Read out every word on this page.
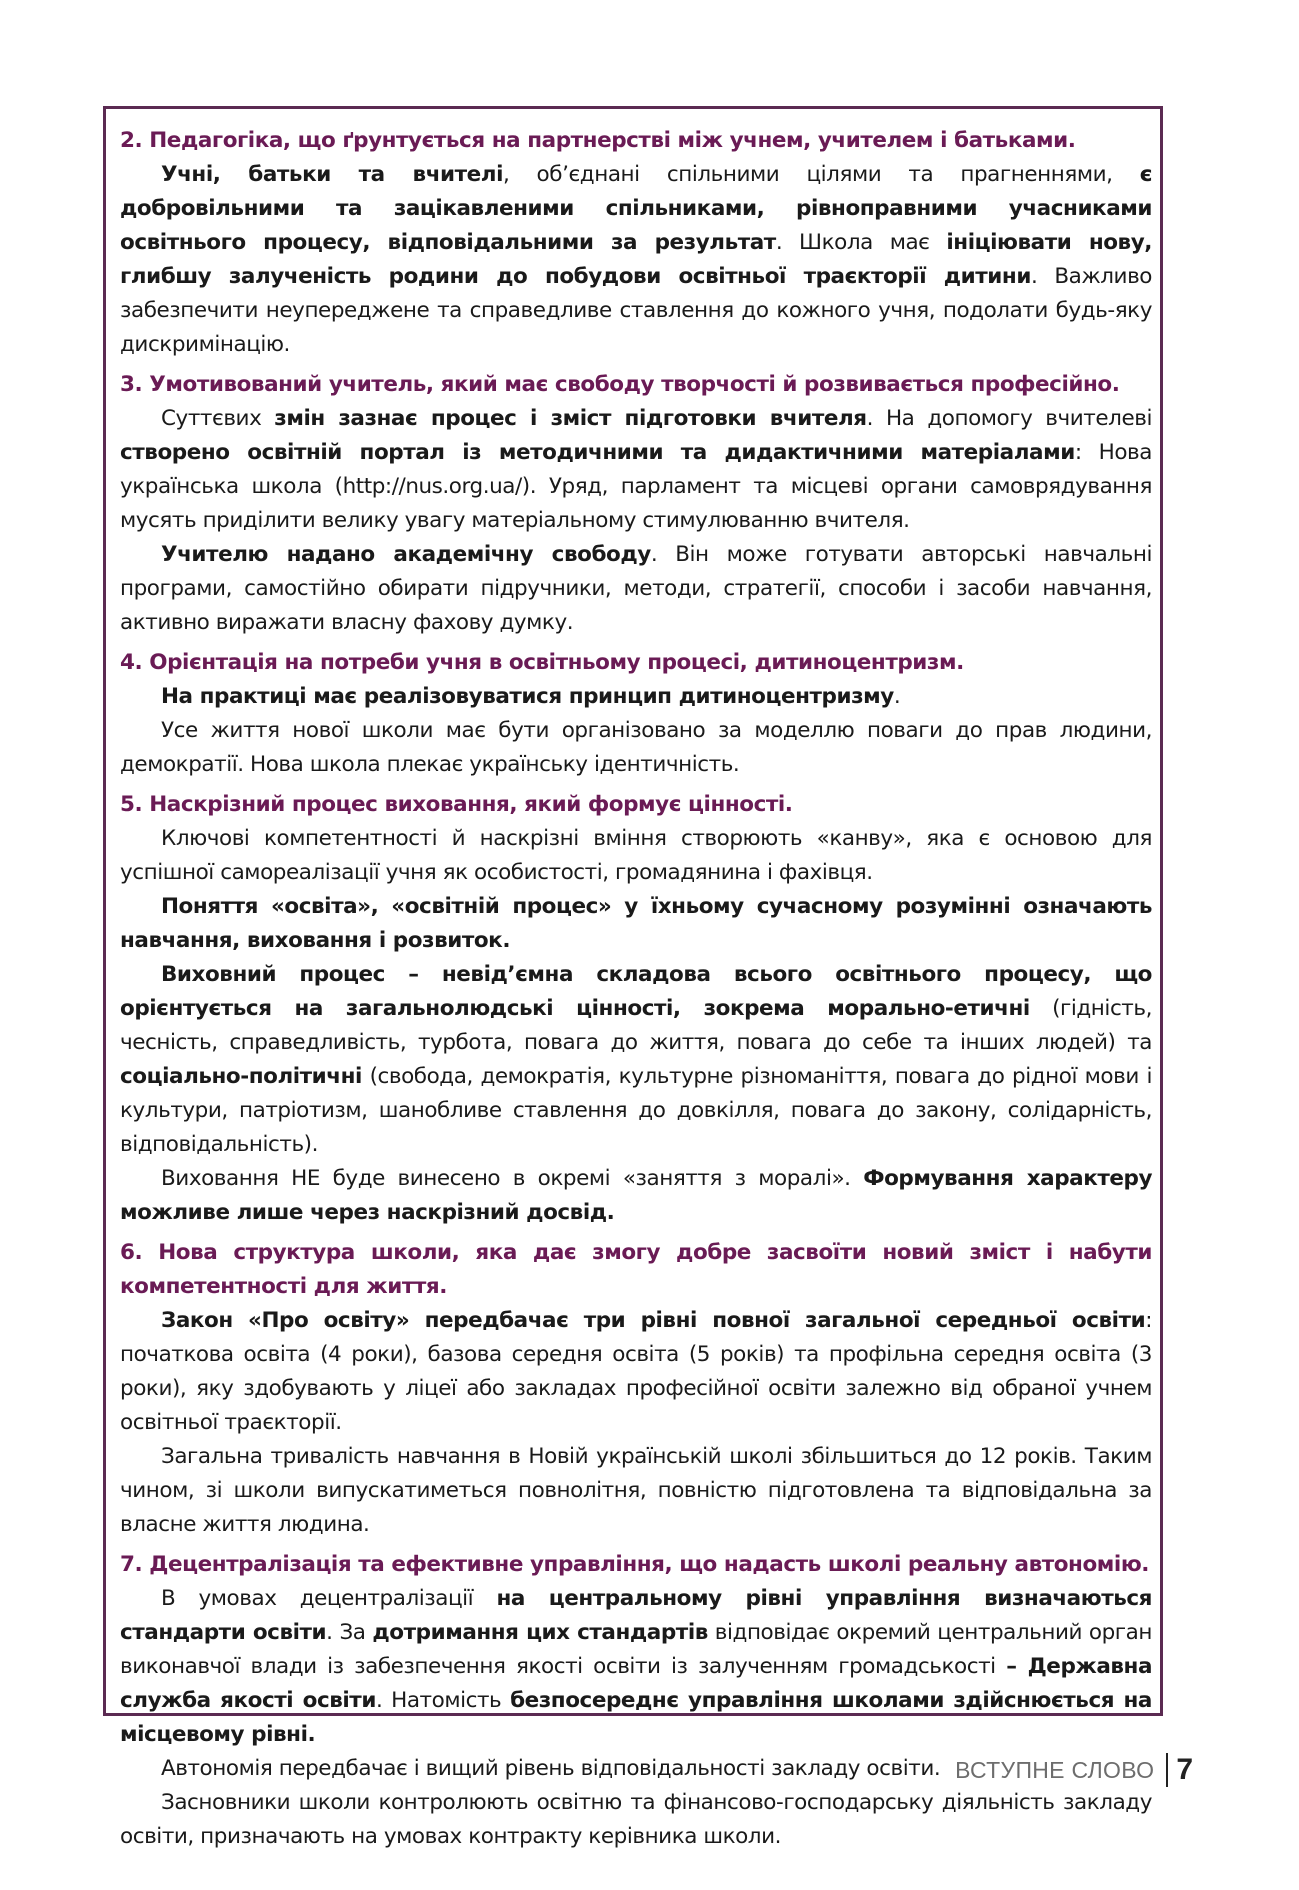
2. Педагогіка, що ґрунтується на партнерстві між учнем, учителем і батьками.

Учні, батьки та вчителі, об’єднані спільними цілями та прагненнями, є добровільними та зацікавленими спільниками, рівноправними учасниками освітнього процесу, відповідальними за результат. Школа має ініціювати нову, глибшу залученість родини до побудови освітньої траєкторії дитини. Важливо забезпечити неупереджене та справедливе ставлення до кожного учня, подолати будь-яку дискримінацію.

3. Умотивований учитель, який має свободу творчості й розвивається професійно.

Суттєвих змін зазнає процес і зміст підготовки вчителя. На допомогу вчителеві створено освітній портал із методичними та дидактичними матеріалами: Нова українська школа (http://nus.org.ua/). Уряд, парламент та місцеві органи самоврядування мусять приділити велику увагу матеріальному стимулюванню вчителя.

Учителю надано академічну свободу. Він може готувати авторські навчальні програми, самостійно обирати підручники, методи, стратегії, способи і засоби навчання, активно виражати власну фахову думку.

4. Орієнтація на потреби учня в освітньому процесі, дитиноцентризм.

На практиці має реалізовуватися принцип дитиноцентризму.

Усе життя нової школи має бути організовано за моделлю поваги до прав людини, демократії. Нова школа плекає українську ідентичність.

5. Наскрізний процес виховання, який формує цінності.

Ключові компетентності й наскрізні вміння створюють «канву», яка є основою для успішної самореалізації учня як особистості, громадянина і фахівця.

Поняття «освіта», «освітній процес» у їхньому сучасному розумінні означають навчання, виховання і розвиток.

Виховний процес – невід’ємна складова всього освітнього процесу, що орієнтується на загальнолюдські цінності, зокрема морально-етичні (гідність, чесність, справедливість, турбота, повага до життя, повага до себе та інших людей) та соціально-політичні (свобода, демократія, культурне різноманіття, повага до рідної мови і культури, патріотизм, шанобливе ставлення до довкілля, повага до закону, солідарність, відповідальність).

Виховання НЕ буде винесено в окремі «заняття з моралі». Формування характеру можливе лише через наскрізний досвід.

6. Нова структура школи, яка дає змогу добре засвоїти новий зміст і набути компетентності для життя.

Закон «Про освіту» передбачає три рівні повної загальної середньої освіти: початкова освіта (4 роки), базова середня освіта (5 років) та профільна середня освіта (3 роки), яку здобувають у ліцеї або закладах професійної освіти залежно від обраної учнем освітньої траєкторії.

Загальна тривалість навчання в Новій українській школі збільшиться до 12 років. Таким чином, зі школи випускатиметься повнолітня, повністю підготовлена та відповідальна за власне життя людина.

7. Децентралізація та ефективне управління, що надасть школі реальну автономію.

В умовах децентралізації на центральному рівні управління визначаються стандарти освіти. За дотримання цих стандартів відповідає окремий центральний орган виконавчої влади із забезпечення якості освіти із залученням громадськості – Державна служба якості освіти. Натомість безпосереднє управління школами здійснюється на місцевому рівні.

Автономія передбачає і вищий рівень відповідальності закладу освіти.

Засновники школи контролюють освітню та фінансово-господарську діяльність закладу освіти, призначають на умовах контракту керівника школи.

ВСТУПНЕ СЛОВО 7
